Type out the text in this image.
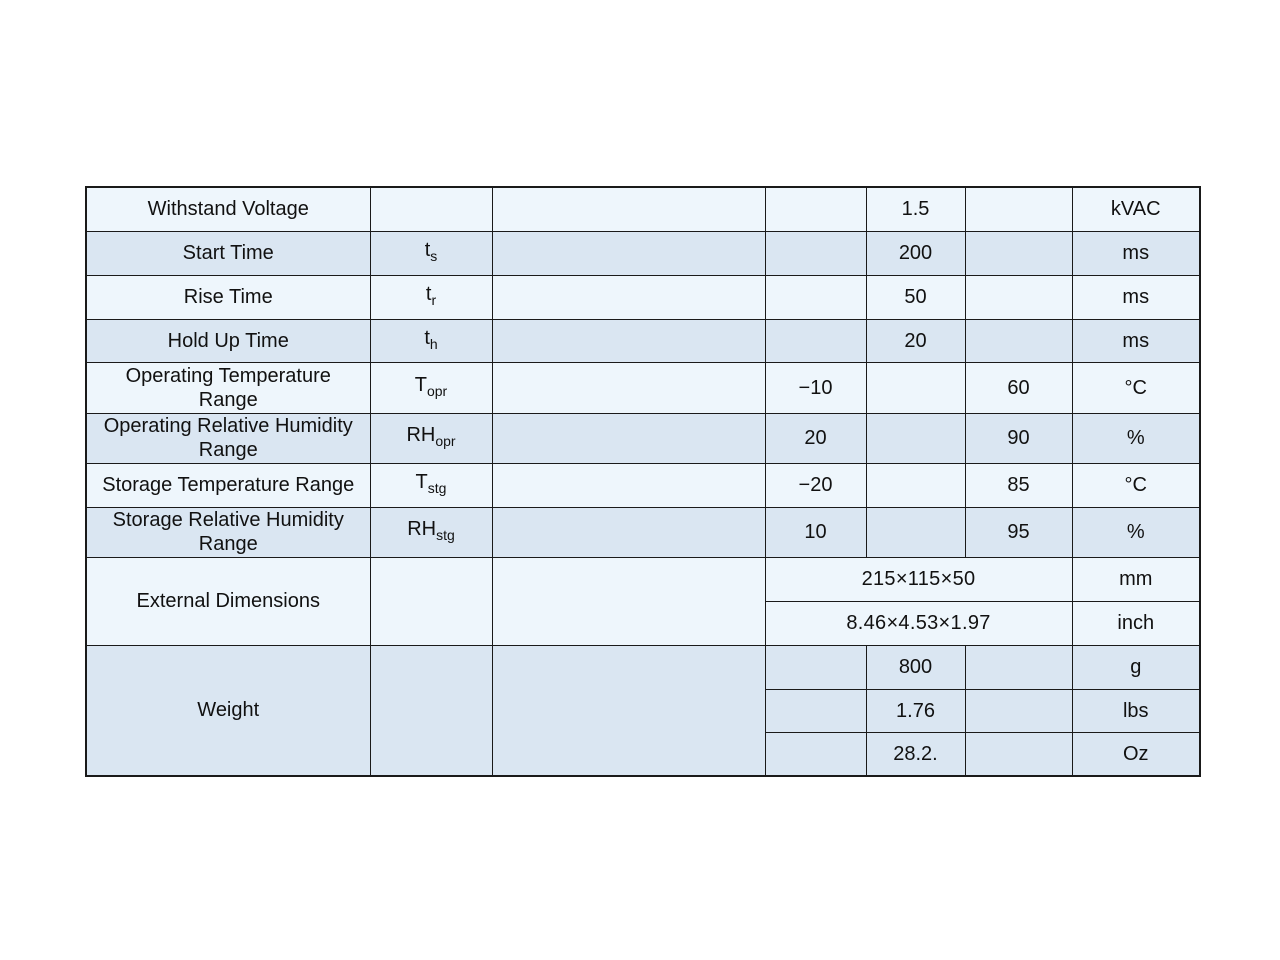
Withstand Voltage				1.5		kVAC
Start Time	$t_s$			200		ms
Rise Time	$t_r$			50		ms
Hold Up Time	$t_h$			20		ms
Operating Temperature
Range	$T_{opr}$		−10		60	°C
Operating Relative Humidity
Range	$RH_{opr}$		20		90	%
Storage Temperature Range	$T_{stg}$		−20		85	°C
Storage Relative Humidity
Range	$RH_{stg}$		10		95	%
External Dimensions			215×115×50			mm
			8.46×4.53×1.97			inch
Weight				800		g
				1.76		lbs
				28.2.		Oz
